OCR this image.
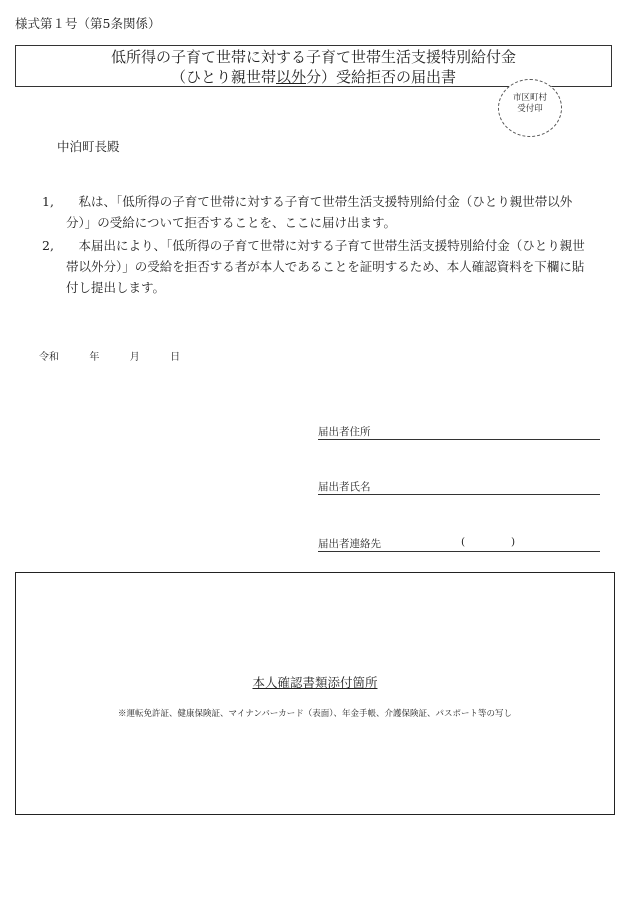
様式第１号（第5条関係）
低所得の子育て世帯に対する子育て世帯生活支援特別給付金
（ひとり親世帯以外分）受給拒否の届出書
市区町村
受付印
中泊町長殿
1, 　私は、「低所得の子育て世帯に対する子育て世帯生活支援特別給付金（ひとり親世帯以外分）」の受給について拒否することを、ここに届け出ます。
2, 　本届出により、「低所得の子育て世帯に対する子育て世帯生活支援特別給付金（ひとり親世帯以外分）」の受給を拒否する者が本人であることを証明するため、本人確認資料を下欄に貼付し提出します。
令和	年	月	日
届出者住所
届出者氏名
届出者連絡先	(	)
本人確認書類添付箇所
※運転免許証、健康保険証、マイナンバーカード（表面）、年金手帳、介護保険証、パスポート等の写し
